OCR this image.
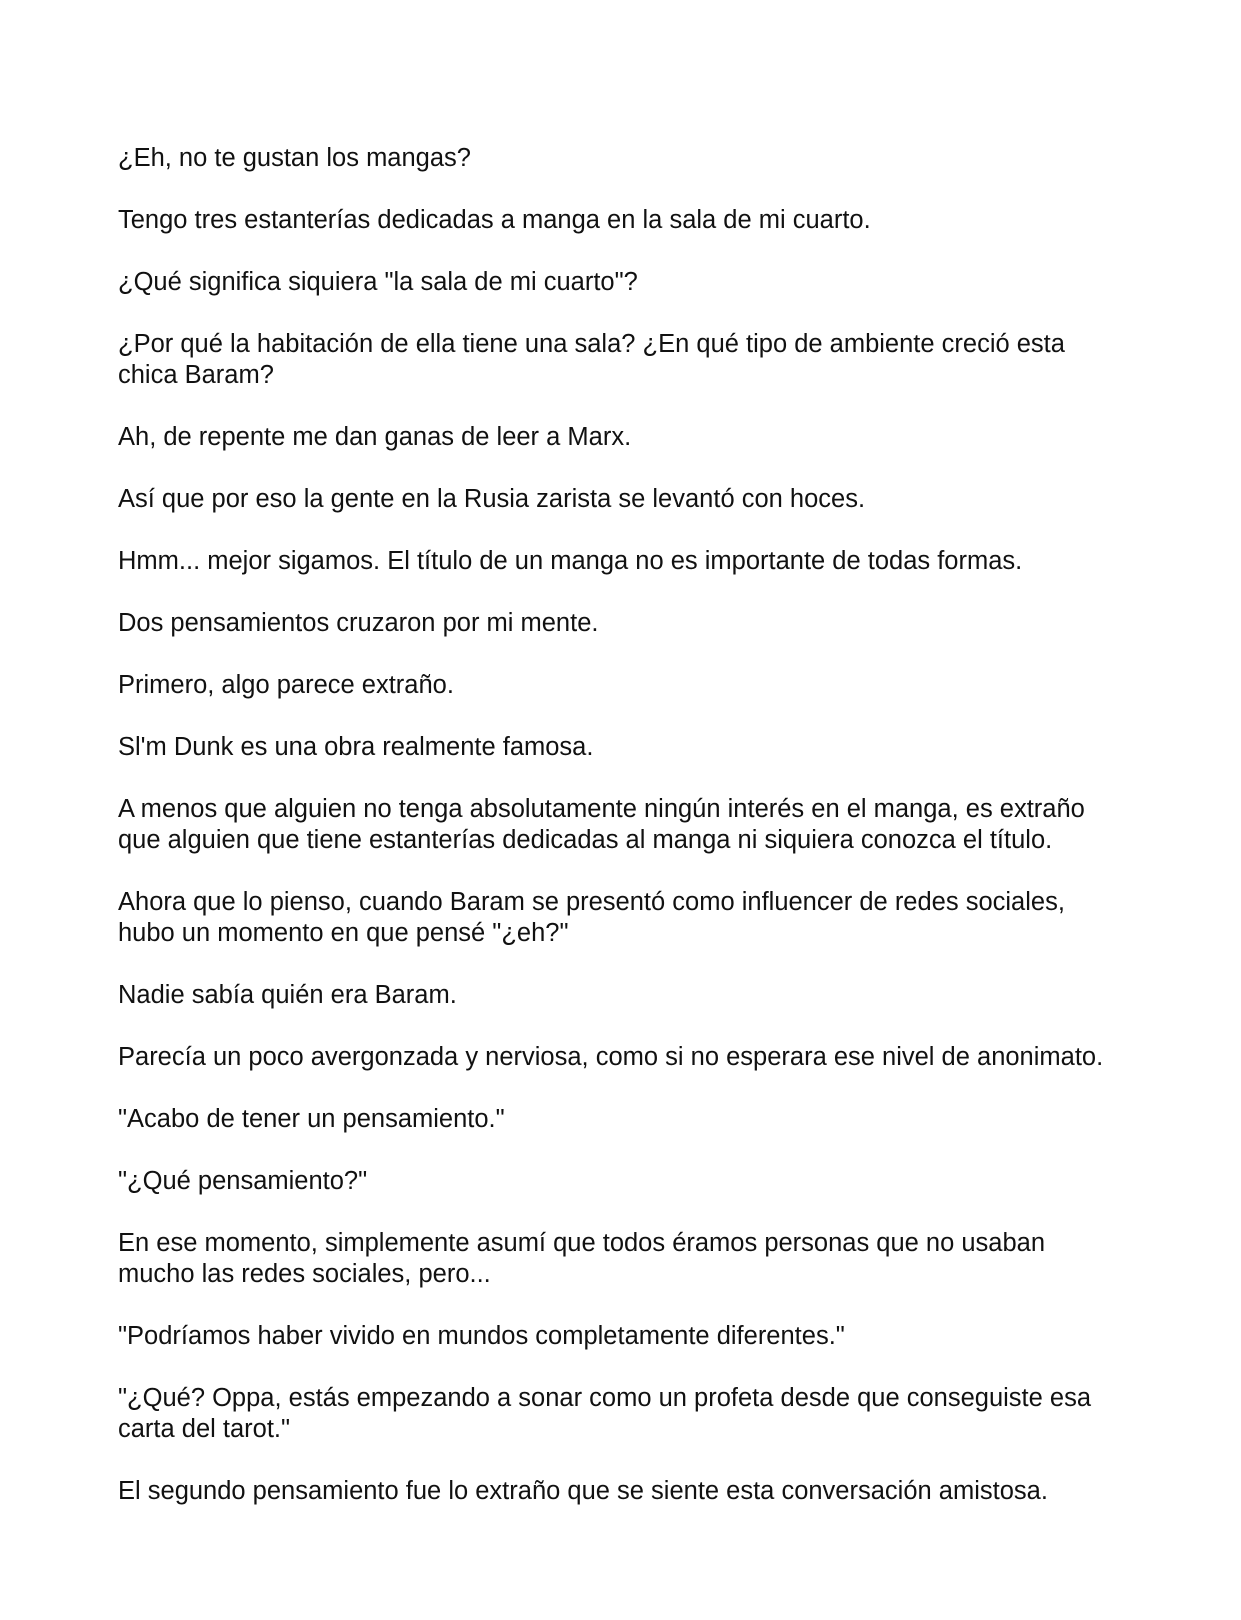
¿Eh, no te gustan los mangas?

Tengo tres estanterías dedicadas a manga en la sala de mi cuarto.

¿Qué significa siquiera "la sala de mi cuarto"?

¿Por qué la habitación de ella tiene una sala? ¿En qué tipo de ambiente creció esta chica Baram?

Ah, de repente me dan ganas de leer a Marx.

Así que por eso la gente en la Rusia zarista se levantó con hoces.

Hmm... mejor sigamos. El título de un manga no es importante de todas formas.

Dos pensamientos cruzaron por mi mente.

Primero, algo parece extraño.

Sl'm Dunk es una obra realmente famosa.

A menos que alguien no tenga absolutamente ningún interés en el manga, es extraño que alguien que tiene estanterías dedicadas al manga ni siquiera conozca el título.

Ahora que lo pienso, cuando Baram se presentó como influencer de redes sociales, hubo un momento en que pensé "¿eh?"

Nadie sabía quién era Baram.

Parecía un poco avergonzada y nerviosa, como si no esperara ese nivel de anonimato.

"Acabo de tener un pensamiento."

"¿Qué pensamiento?"

En ese momento, simplemente asumí que todos éramos personas que no usaban mucho las redes sociales, pero...

"Podríamos haber vivido en mundos completamente diferentes."

"¿Qué? Oppa, estás empezando a sonar como un profeta desde que conseguiste esa carta del tarot."

El segundo pensamiento fue lo extraño que se siente esta conversación amistosa.
